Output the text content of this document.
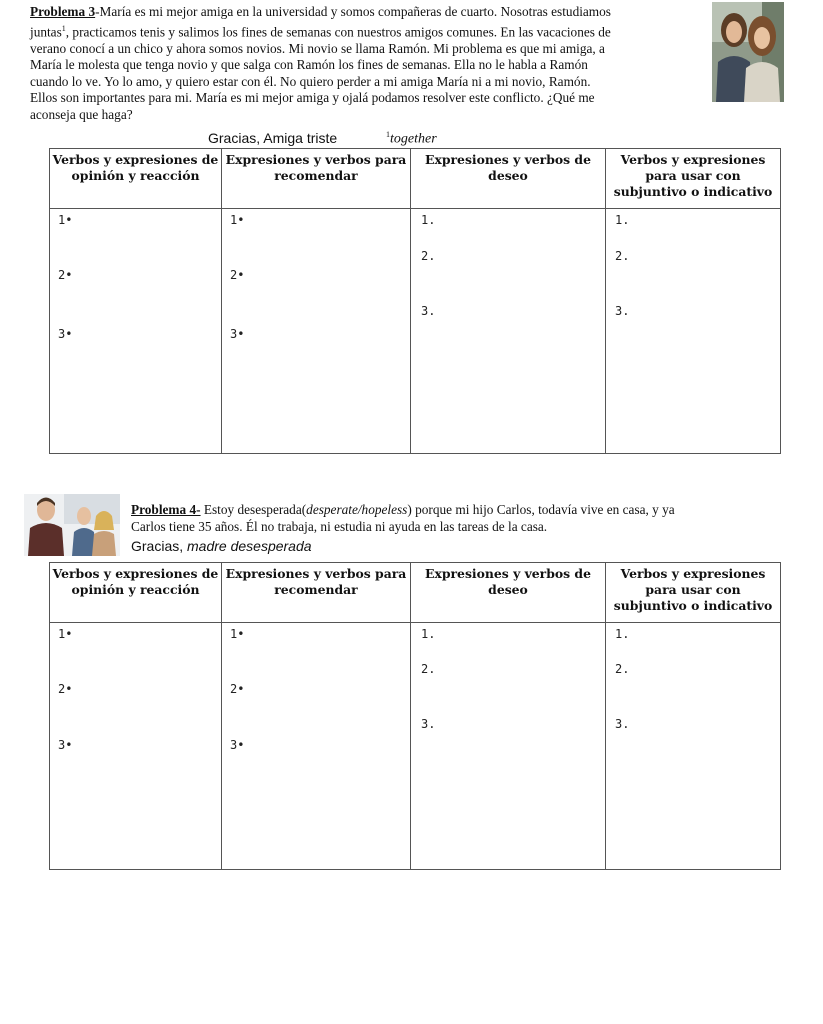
Problema 3-María es mi mejor amiga en la universidad y somos compañeras de cuarto. Nosotras estudiamos
juntas$^1$, practicamos tenis y salimos los fines de semanas con nuestros amigos comunes. En las vacaciones de
verano conocí a un chico y ahora somos novios. Mi novio se llama Ramón. Mi problema es que mi amiga, a
María le molesta que tenga novio y que salga con Ramón los fines de semanas. Ella no le habla a Ramón
cuando lo ve. Yo lo amo, y quiero estar con él. No quiero perder a mi amiga María ni a mi novio, Ramón.
Ellos son importantes para mi. María es mi mejor amiga y ojalá podamos resolver este conflicto. ¿Qué me
aconseja que haga?
Gracias, Amiga triste	$^1$together
Verbos y expresiones de opinión y reacción	Expresiones y verbos para recomendar	Expresiones y verbos de deseo	Verbos y expresiones para usar con subjuntivo o indicativo

1•
2•
3•	1•
2•
3•	1.
2.
3.	1.
2.
3.
Problema 4- Estoy desesperada(desperate/hopeless) porque mi hijo Carlos, todavía vive en casa, y ya
Carlos tiene 35 años. Él no trabaja, ni estudia ni ayuda en las tareas de la casa.
Gracias, madre desesperada
Verbos y expresiones de opinión y reacción	Expresiones y verbos para recomendar	Expresiones y verbos de deseo	Verbos y expresiones para usar con subjuntivo o indicativo

1•
2•
3•	1•
2•
3•	1.
2.
3.	1.
2.
3.
